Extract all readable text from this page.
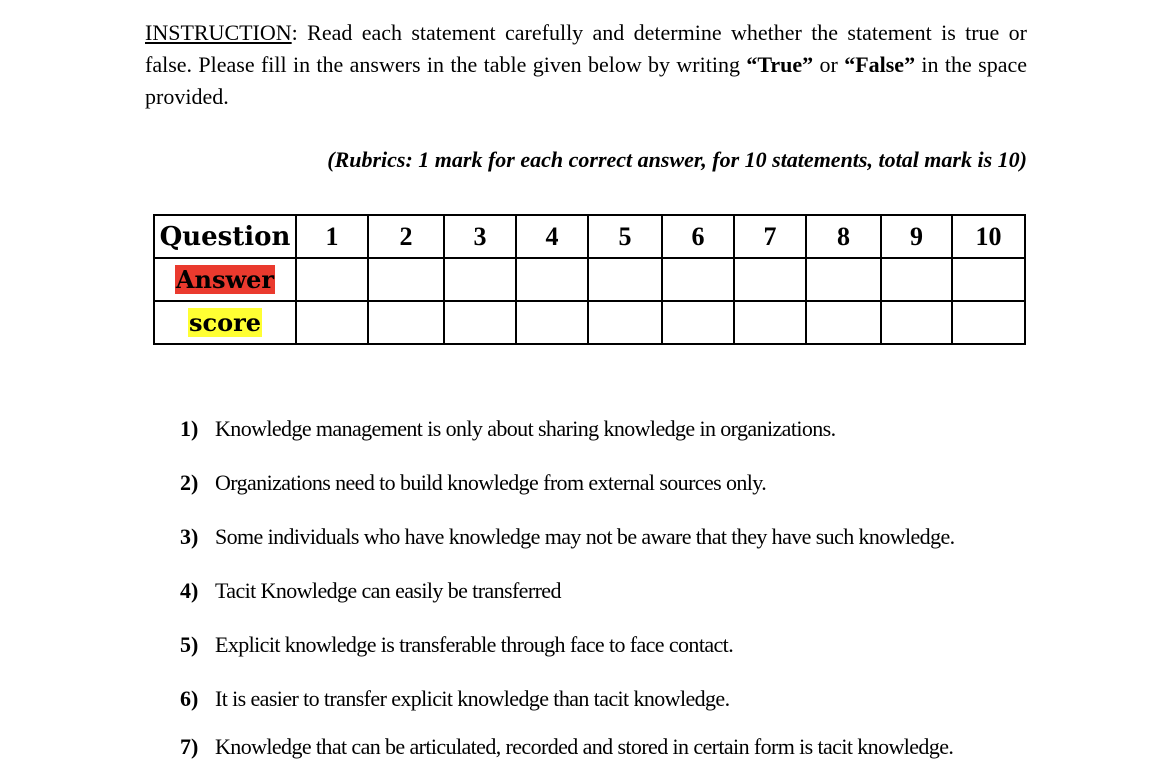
INSTRUCTION: Read each statement carefully and determine whether the statement is true or false. Please fill in the answers in the table given below by writing “True” or “False” in the space provided.
(Rubrics: 1 mark for each correct answer, for 10 statements, total mark is 10)
Question	1	2	3	4	5	6	7	8	9	10
Answer										
score										
1) Knowledge management is only about sharing knowledge in organizations.
2) Organizations need to build knowledge from external sources only.
3) Some individuals who have knowledge may not be aware that they have such knowledge.
4) Tacit Knowledge can easily be transferred
5) Explicit knowledge is transferable through face to face contact.
6) It is easier to transfer explicit knowledge than tacit knowledge.
7) Knowledge that can be articulated, recorded and stored in certain form is tacit knowledge.
